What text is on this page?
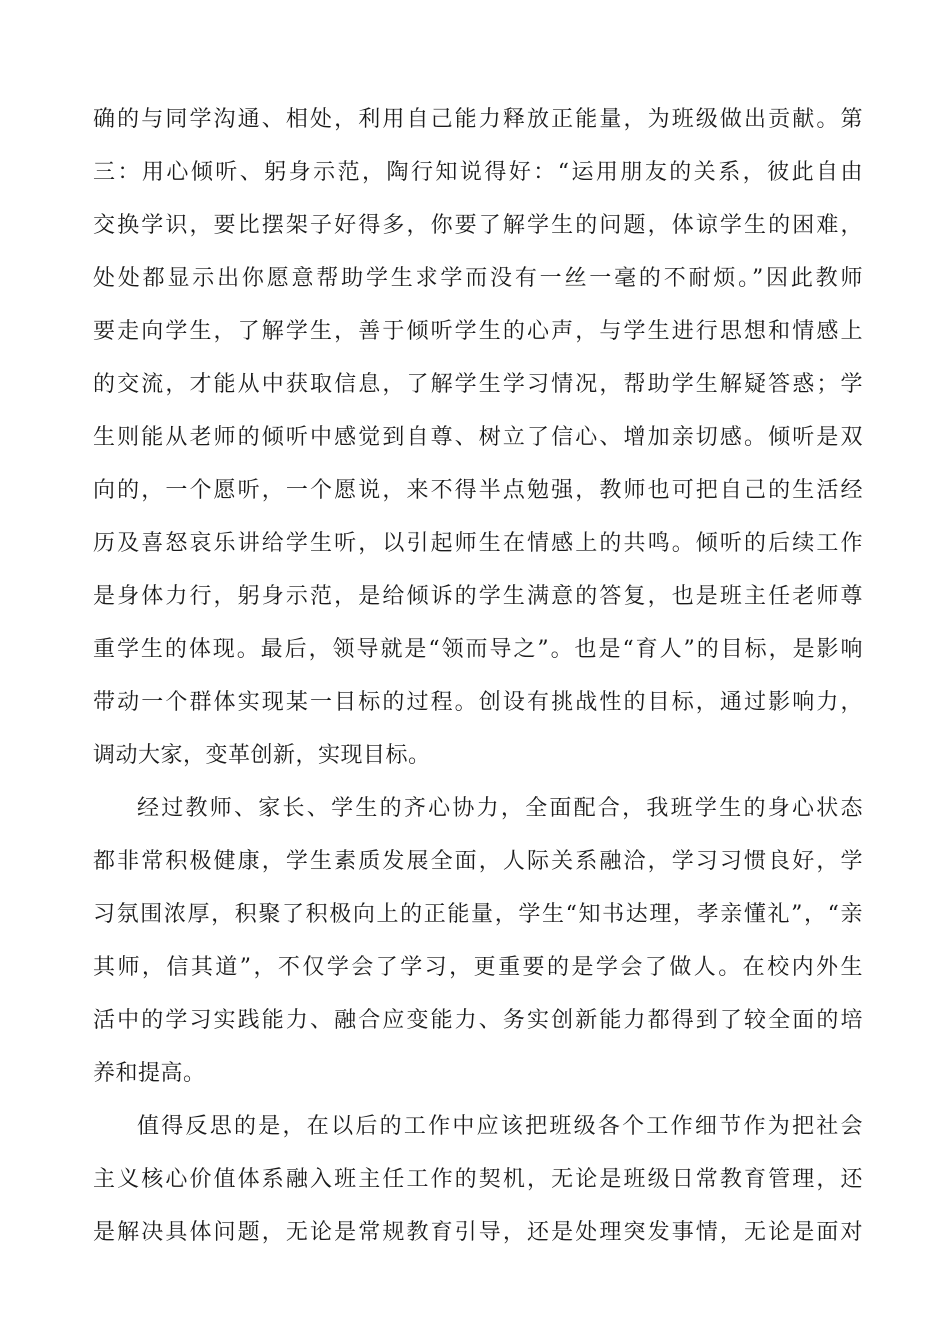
确的与同学沟通、相处，利用自己能力释放正能量，为班级做出贡献。第
三：用心倾听、躬身示范，陶行知说得好：“运用朋友的关系，彼此自由
交换学识，要比摆架子好得多，你要了解学生的问题，体谅学生的困难，
处处都显示出你愿意帮助学生求学而没有一丝一毫的不耐烦。”因此教师
要走向学生，了解学生，善于倾听学生的心声，与学生进行思想和情感上
的交流，才能从中获取信息，了解学生学习情况，帮助学生解疑答惑；学
生则能从老师的倾听中感觉到自尊、树立了信心、增加亲切感。倾听是双
向的，一个愿听，一个愿说，来不得半点勉强，教师也可把自己的生活经
历及喜怒哀乐讲给学生听，以引起师生在情感上的共鸣。倾听的后续工作
是身体力行，躬身示范，是给倾诉的学生满意的答复，也是班主任老师尊
重学生的体现。最后，领导就是“领而导之”。也是“育人”的目标，是影响
带动一个群体实现某一目标的过程。创设有挑战性的目标，通过影响力，
调动大家，变革创新，实现目标。
经过教师、家长、学生的齐心协力，全面配合，我班学生的身心状态
都非常积极健康，学生素质发展全面，人际关系融洽，学习习惯良好，学
习氛围浓厚，积聚了积极向上的正能量，学生“知书达理，孝亲懂礼”，“亲
其师，信其道”，不仅学会了学习，更重要的是学会了做人。在校内外生
活中的学习实践能力、融合应变能力、务实创新能力都得到了较全面的培
养和提高。
值得反思的是，在以后的工作中应该把班级各个工作细节作为把社会
主义核心价值体系融入班主任工作的契机，无论是班级日常教育管理，还
是解决具体问题，无论是常规教育引导，还是处理突发事情，无论是面对
